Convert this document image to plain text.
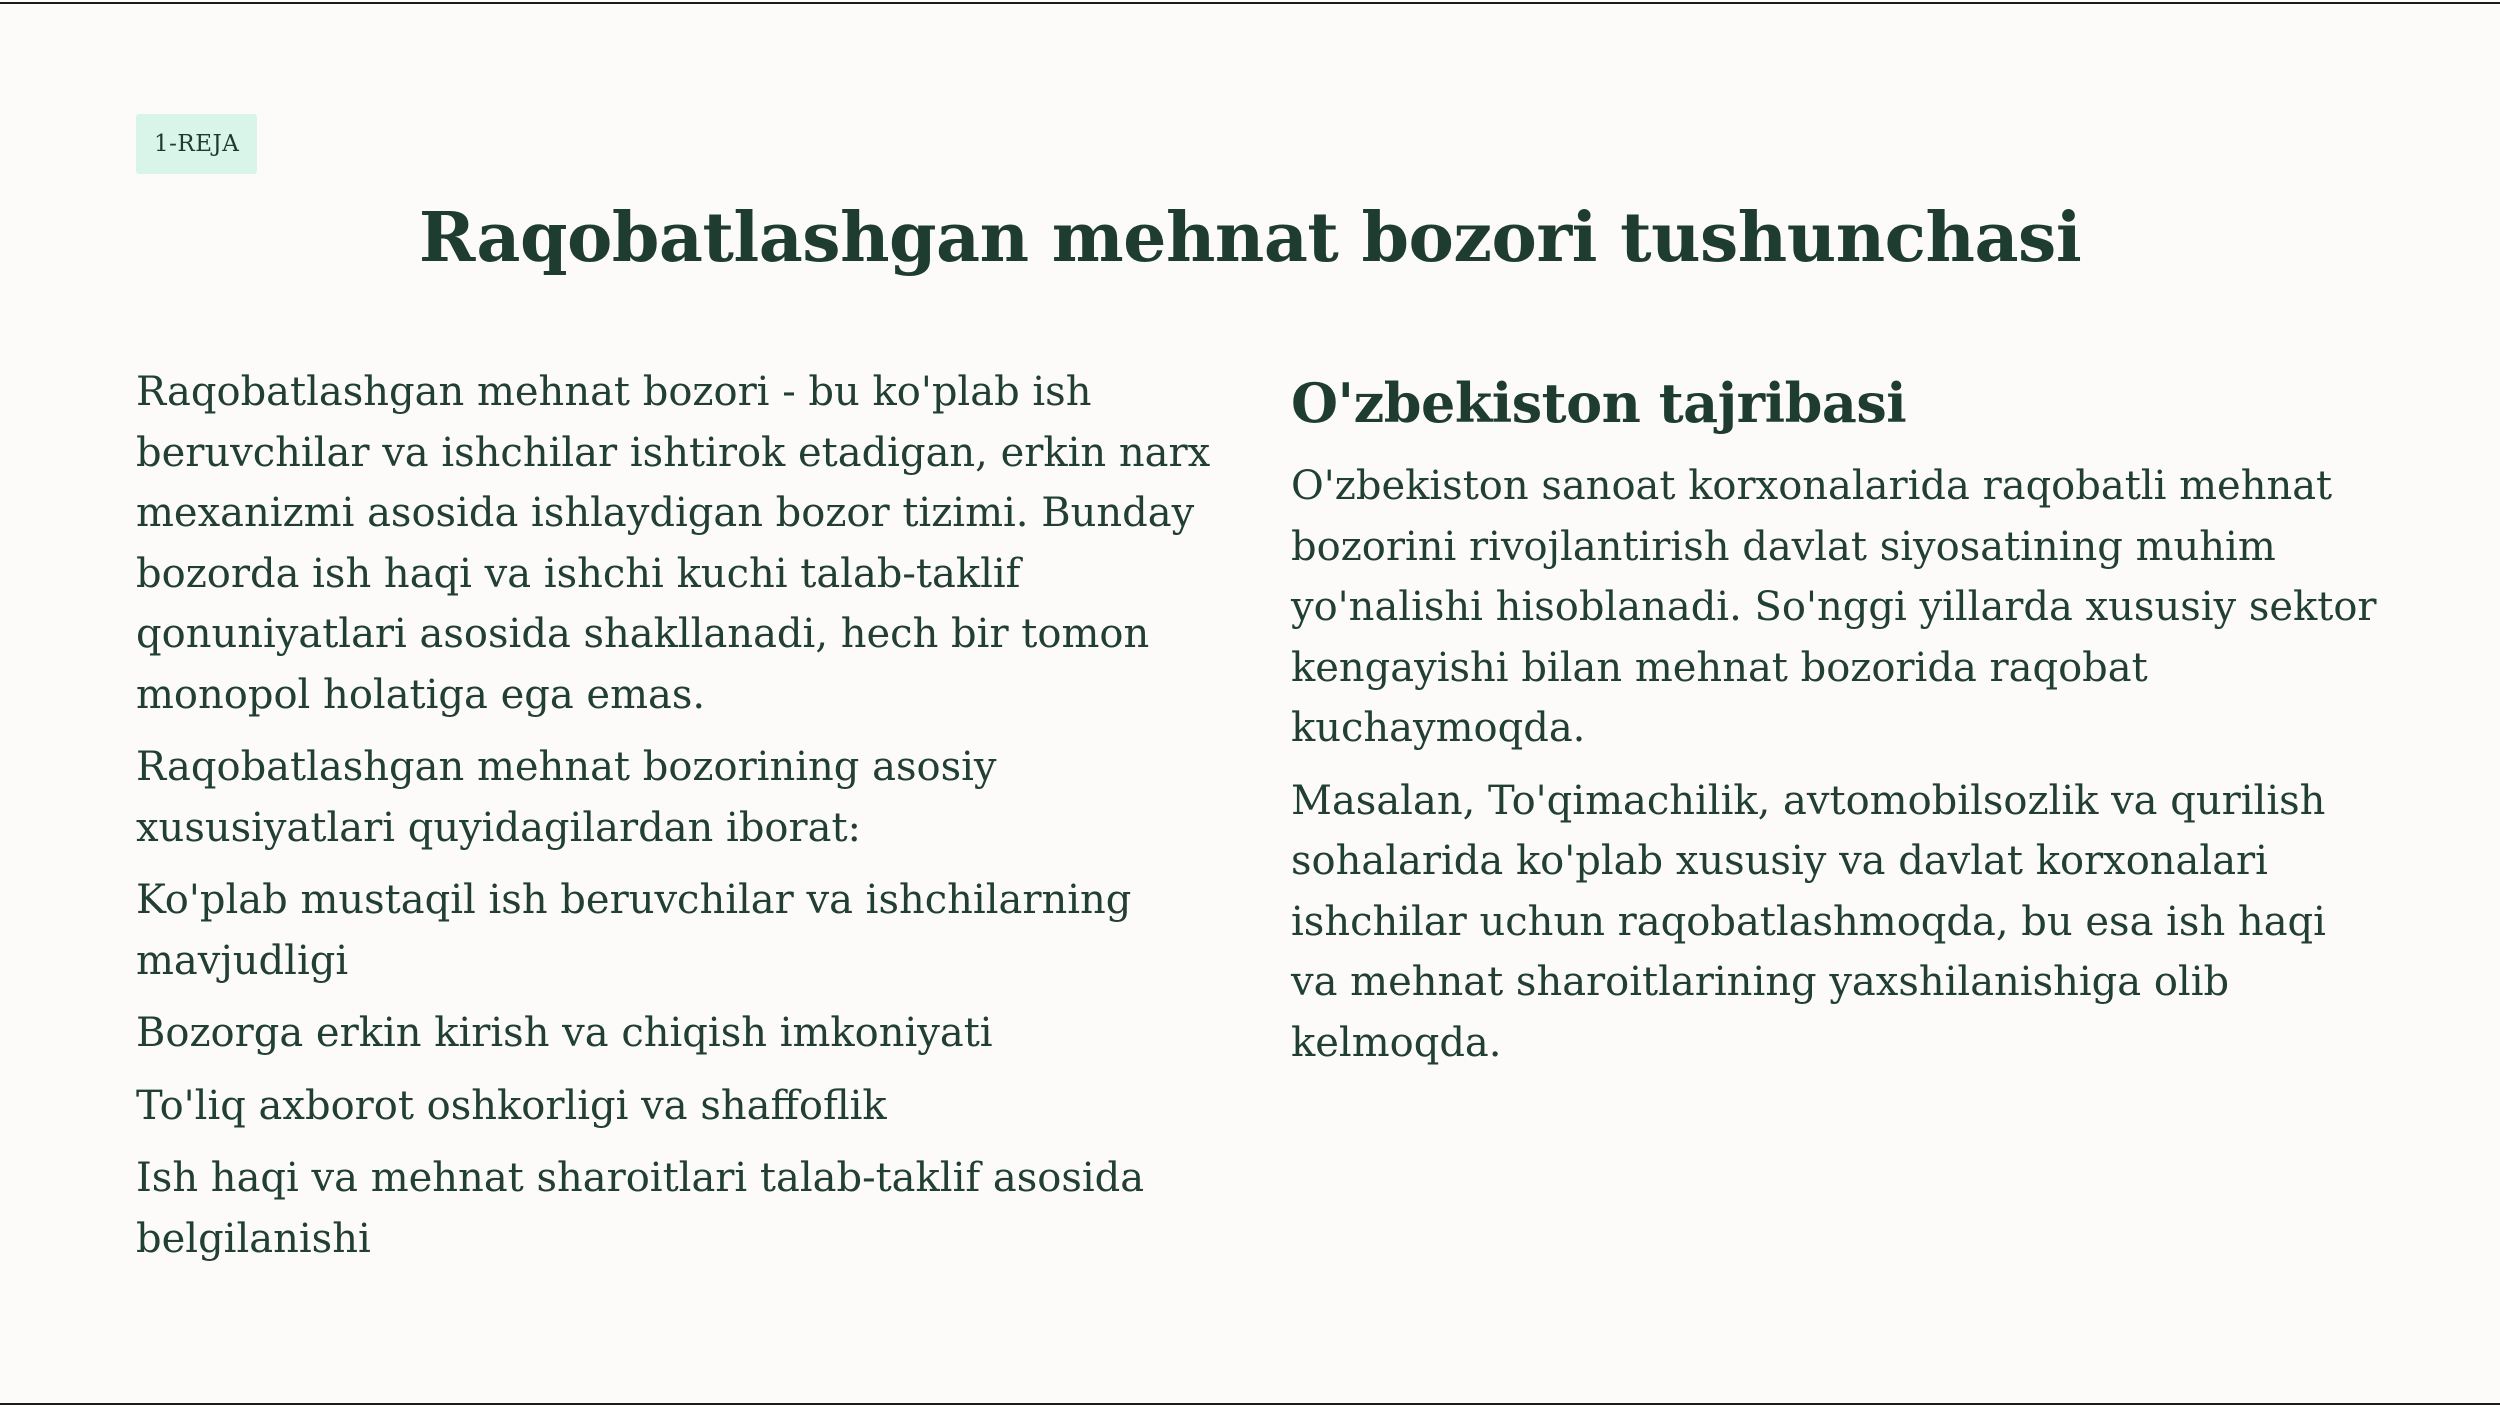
1-REJA
Raqobatlashgan mehnat bozori tushunchasi

Raqobatlashgan mehnat bozori - bu ko'plab ish beruvchilar va ishchilar ishtirok etadigan, erkin narx mexanizmi asosida ishlaydigan bozor tizimi. Bunday bozorda ish haqi va ishchi kuchi talab-taklif qonuniyatlari asosida shakllanadi, hech bir tomon monopol holatiga ega emas.

Raqobatlashgan mehnat bozorining asosiy xususiyatlari quyidagilardan iborat:

Ko'plab mustaqil ish beruvchilar va ishchilarning mavjudligi

Bozorga erkin kirish va chiqish imkoniyati

To'liq axborot oshkorligi va shaffoflik

Ish haqi va mehnat sharoitlari talab-taklif asosida belgilanishi

O'zbekiston tajribasi

O'zbekiston sanoat korxonalarida raqobatli mehnat bozorini rivojlantirish davlat siyosatining muhim yo'nalishi hisoblanadi. So'nggi yillarda xususiy sektor kengayishi bilan mehnat bozorida raqobat kuchaymoqda.

Masalan, To'qimachilik, avtomobilsozlik va qurilish sohalarida ko'plab xususiy va davlat korxonalari ishchilar uchun raqobatlashmoqda, bu esa ish haqi va mehnat sharoitlarining yaxshilanishiga olib kelmoqda.
